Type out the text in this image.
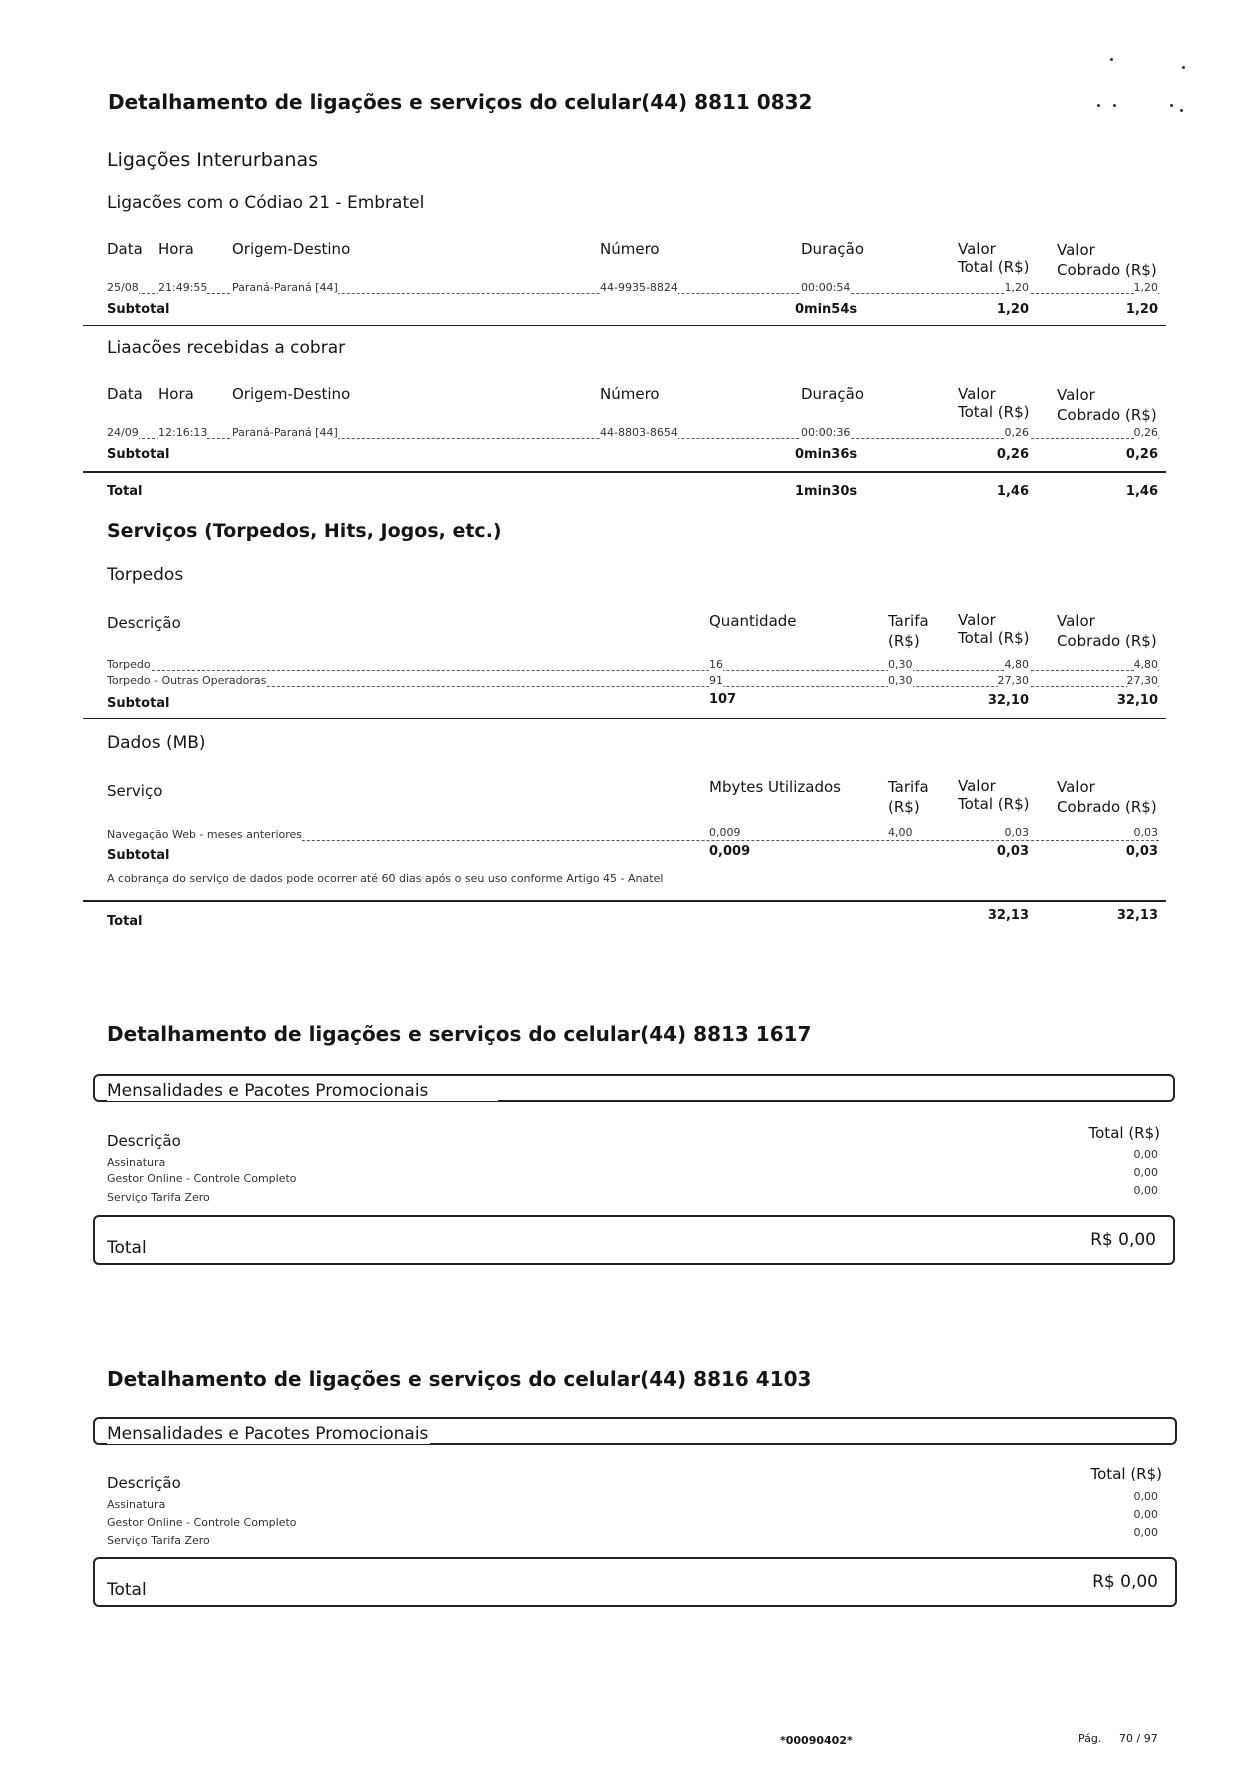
Detalhamento de ligações e serviços do celular(44) 8811 0832
Ligações Interurbanas
Ligacões com o Códiao 21 - Embratel
Data Hora	Origem-Destino	Número	Duração	Valor
Total (R$)
Valor
Cobrado (R$)
25/08 21:49:55 Paraná-Paraná [44]	44-9935-8824	00:00:54	1,20	1,20
Subtotal	0min54s	1,20	1,20
Liaacões recebidas a cobrar
Data Hora	Origem-Destino	Número	Duração	Valor
Total (R$)
Valor
Cobrado (R$)
24/09 12:16:13 Paraná-Paraná [44]	44-8803-8654	00:00:36	0,26	0,26
Subtotal	0min36s	0,26	0,26
Total	1min30s	1,46	1,46
Serviços (Torpedos, Hits, Jogos, etc.)
Torpedos
Descrição	Quantidade	Tarifa
(R$)
Valor
Total (R$)
Valor
Cobrado (R$)
Torpedo	16	0,30	4,80	4,80
Torpedo - Outras Operadoras	91	0,30	27,30	27,30
Subtotal	107	32,10	32,10
Dados (MB)
Serviço	Mbytes Utilizados	Tarifa
(R$)
Valor
Total (R$)
Valor
Cobrado (R$)
Navegação Web - meses anteriores	0,009	4,00	0,03	0,03
Subtotal	0,009	0,03	0,03
A cobrança do serviço de dados pode ocorrer até 60 dias após o seu uso conforme Artigo 45 - Anatel
Total	32,13	32,13
Detalhamento de ligações e serviços do celular(44) 8813 1617
Mensalidades e Pacotes Promocionais
Descrição	Total (R$)
Assinatura
0,00
Gestor Online - Controle Completo	0,00
Serviço Tarifa Zero
0,00
Total	R$ 0,00
Detalhamento de ligações e serviços do celular(44) 8816 4103
Mensalidades e Pacotes Promocionais
Descrição	Total (R$)
Assinatura
0,00
Gestor Online - Controle Completo
0,00
Serviço Tarifa Zero
0,00
Total	R$ 0,00
*00090402*	Pág. 70 / 97
